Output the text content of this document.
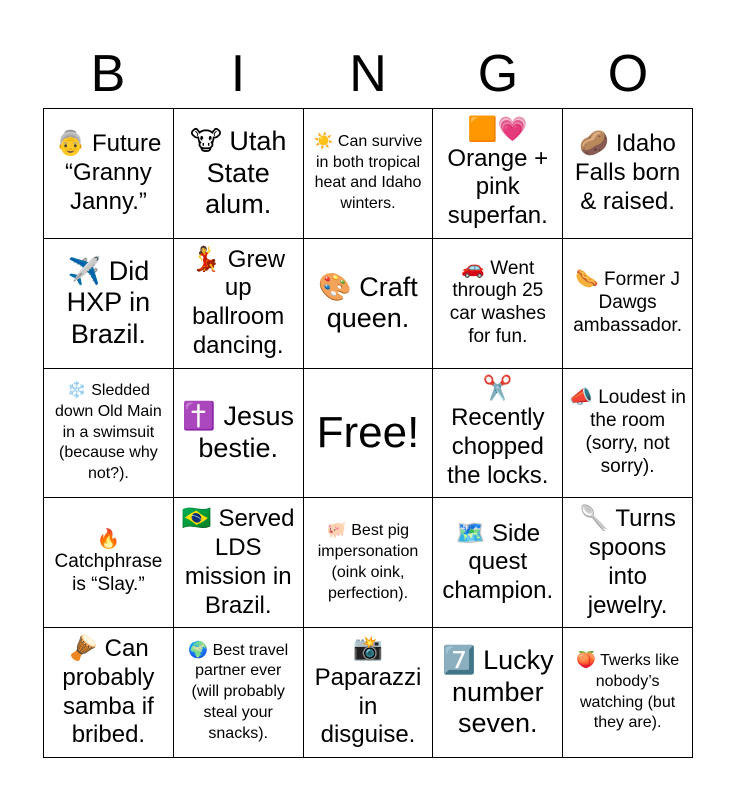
B	I	N	G	O
👵 Future “Granny Janny.”
🐮 Utah State alum.
☀️ Can survive in both tropical heat and Idaho winters.
🟧💗 Orange + pink superfan.
🥔 Idaho Falls born & raised.
✈️ Did HXP in Brazil.
💃 Grew up ballroom dancing.
🎨 Craft queen.
🚗 Went through 25 car washes for fun.
🌭 Former J Dawgs ambassador.
❄️ Sledded down Old Main in a swimsuit (because why not?).
✝️ Jesus bestie. Free!
✂️ Recently chopped the locks.
📣 Loudest in the room (sorry, not sorry).
🔥 Catchphrase is “Slay.”
🇧🇷 Served LDS mission in Brazil.
🐖 Best pig impersonation (oink oink, perfection).
🗺️ Side quest champion.
🥄 Turns spoons into jewelry.
🪘 Can probably samba if bribed.
🌍 Best travel partner ever (will probably steal your snacks).
📸 Paparazzi in disguise.
7️⃣ Lucky number seven.
🍑 Twerks like nobody’s watching (but they are).
